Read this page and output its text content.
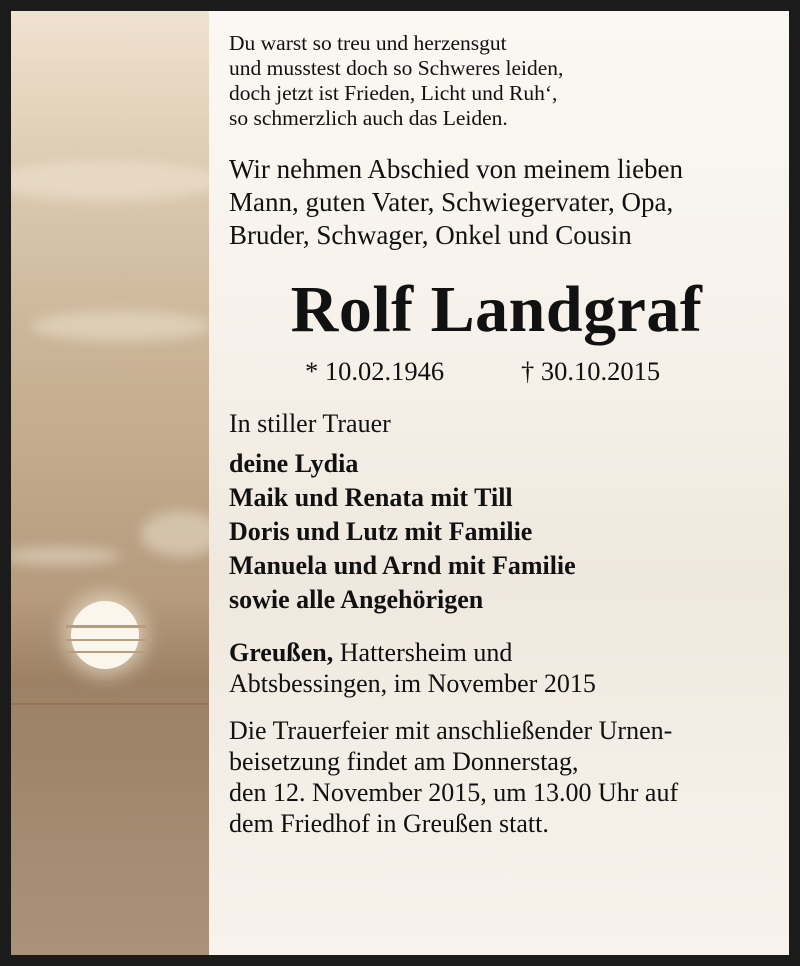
Du warst so treu und herzensgut
und musstest doch so Schweres leiden,
doch jetzt ist Frieden, Licht und Ruh‘,
so schmerzlich auch das Leiden.
Wir nehmen Abschied von meinem lieben
Mann, guten Vater, Schwiegervater, Opa,
Bruder, Schwager, Onkel und Cousin
Rolf Landgraf
* 10.02.1946	† 30.10.2015
In stiller Trauer
deine Lydia
Maik und Renata mit Till
Doris und Lutz mit Familie
Manuela und Arnd mit Familie
sowie alle Angehörigen
Greußen, Hattersheim und
Abtsbessingen, im November 2015
Die Trauerfeier mit anschließender Urnen-
beisetzung findet am Donnerstag,
den 12. November 2015, um 13.00 Uhr auf
dem Friedhof in Greußen statt.
